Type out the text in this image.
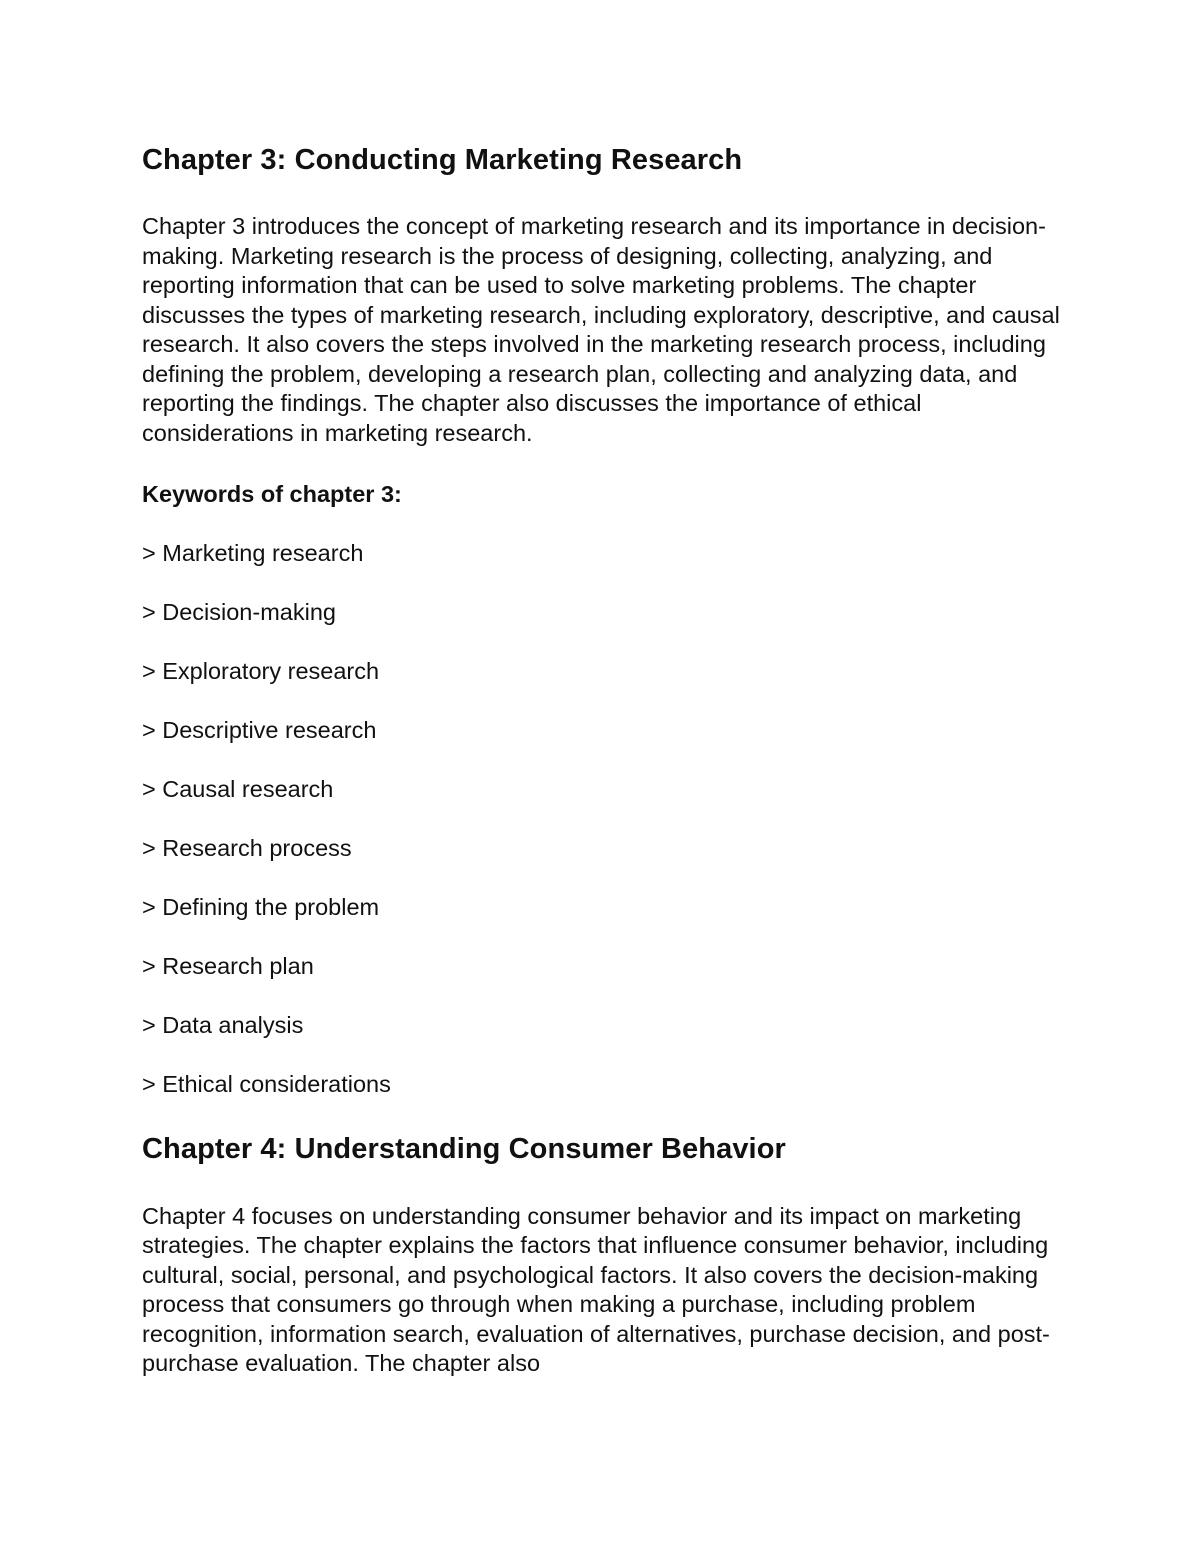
Chapter 3: Conducting Marketing Research

Chapter 3 introduces the concept of marketing research and its importance in decision-making. Marketing research is the process of designing, collecting, analyzing, and reporting information that can be used to solve marketing problems. The chapter discusses the types of marketing research, including exploratory, descriptive, and causal research. It also covers the steps involved in the marketing research process, including defining the problem, developing a research plan, collecting and analyzing data, and reporting the findings. The chapter also discusses the importance of ethical considerations in marketing research.

Keywords of chapter 3:

> Marketing research
> Decision-making
> Exploratory research
> Descriptive research
> Causal research
> Research process
> Defining the problem
> Research plan
> Data analysis
> Ethical considerations
Chapter 4: Understanding Consumer Behavior

Chapter 4 focuses on understanding consumer behavior and its impact on marketing strategies. The chapter explains the factors that influence consumer behavior, including cultural, social, personal, and psychological factors. It also covers the decision-making process that consumers go through when making a purchase, including problem recognition, information search, evaluation of alternatives, purchase decision, and post-purchase evaluation. The chapter also
